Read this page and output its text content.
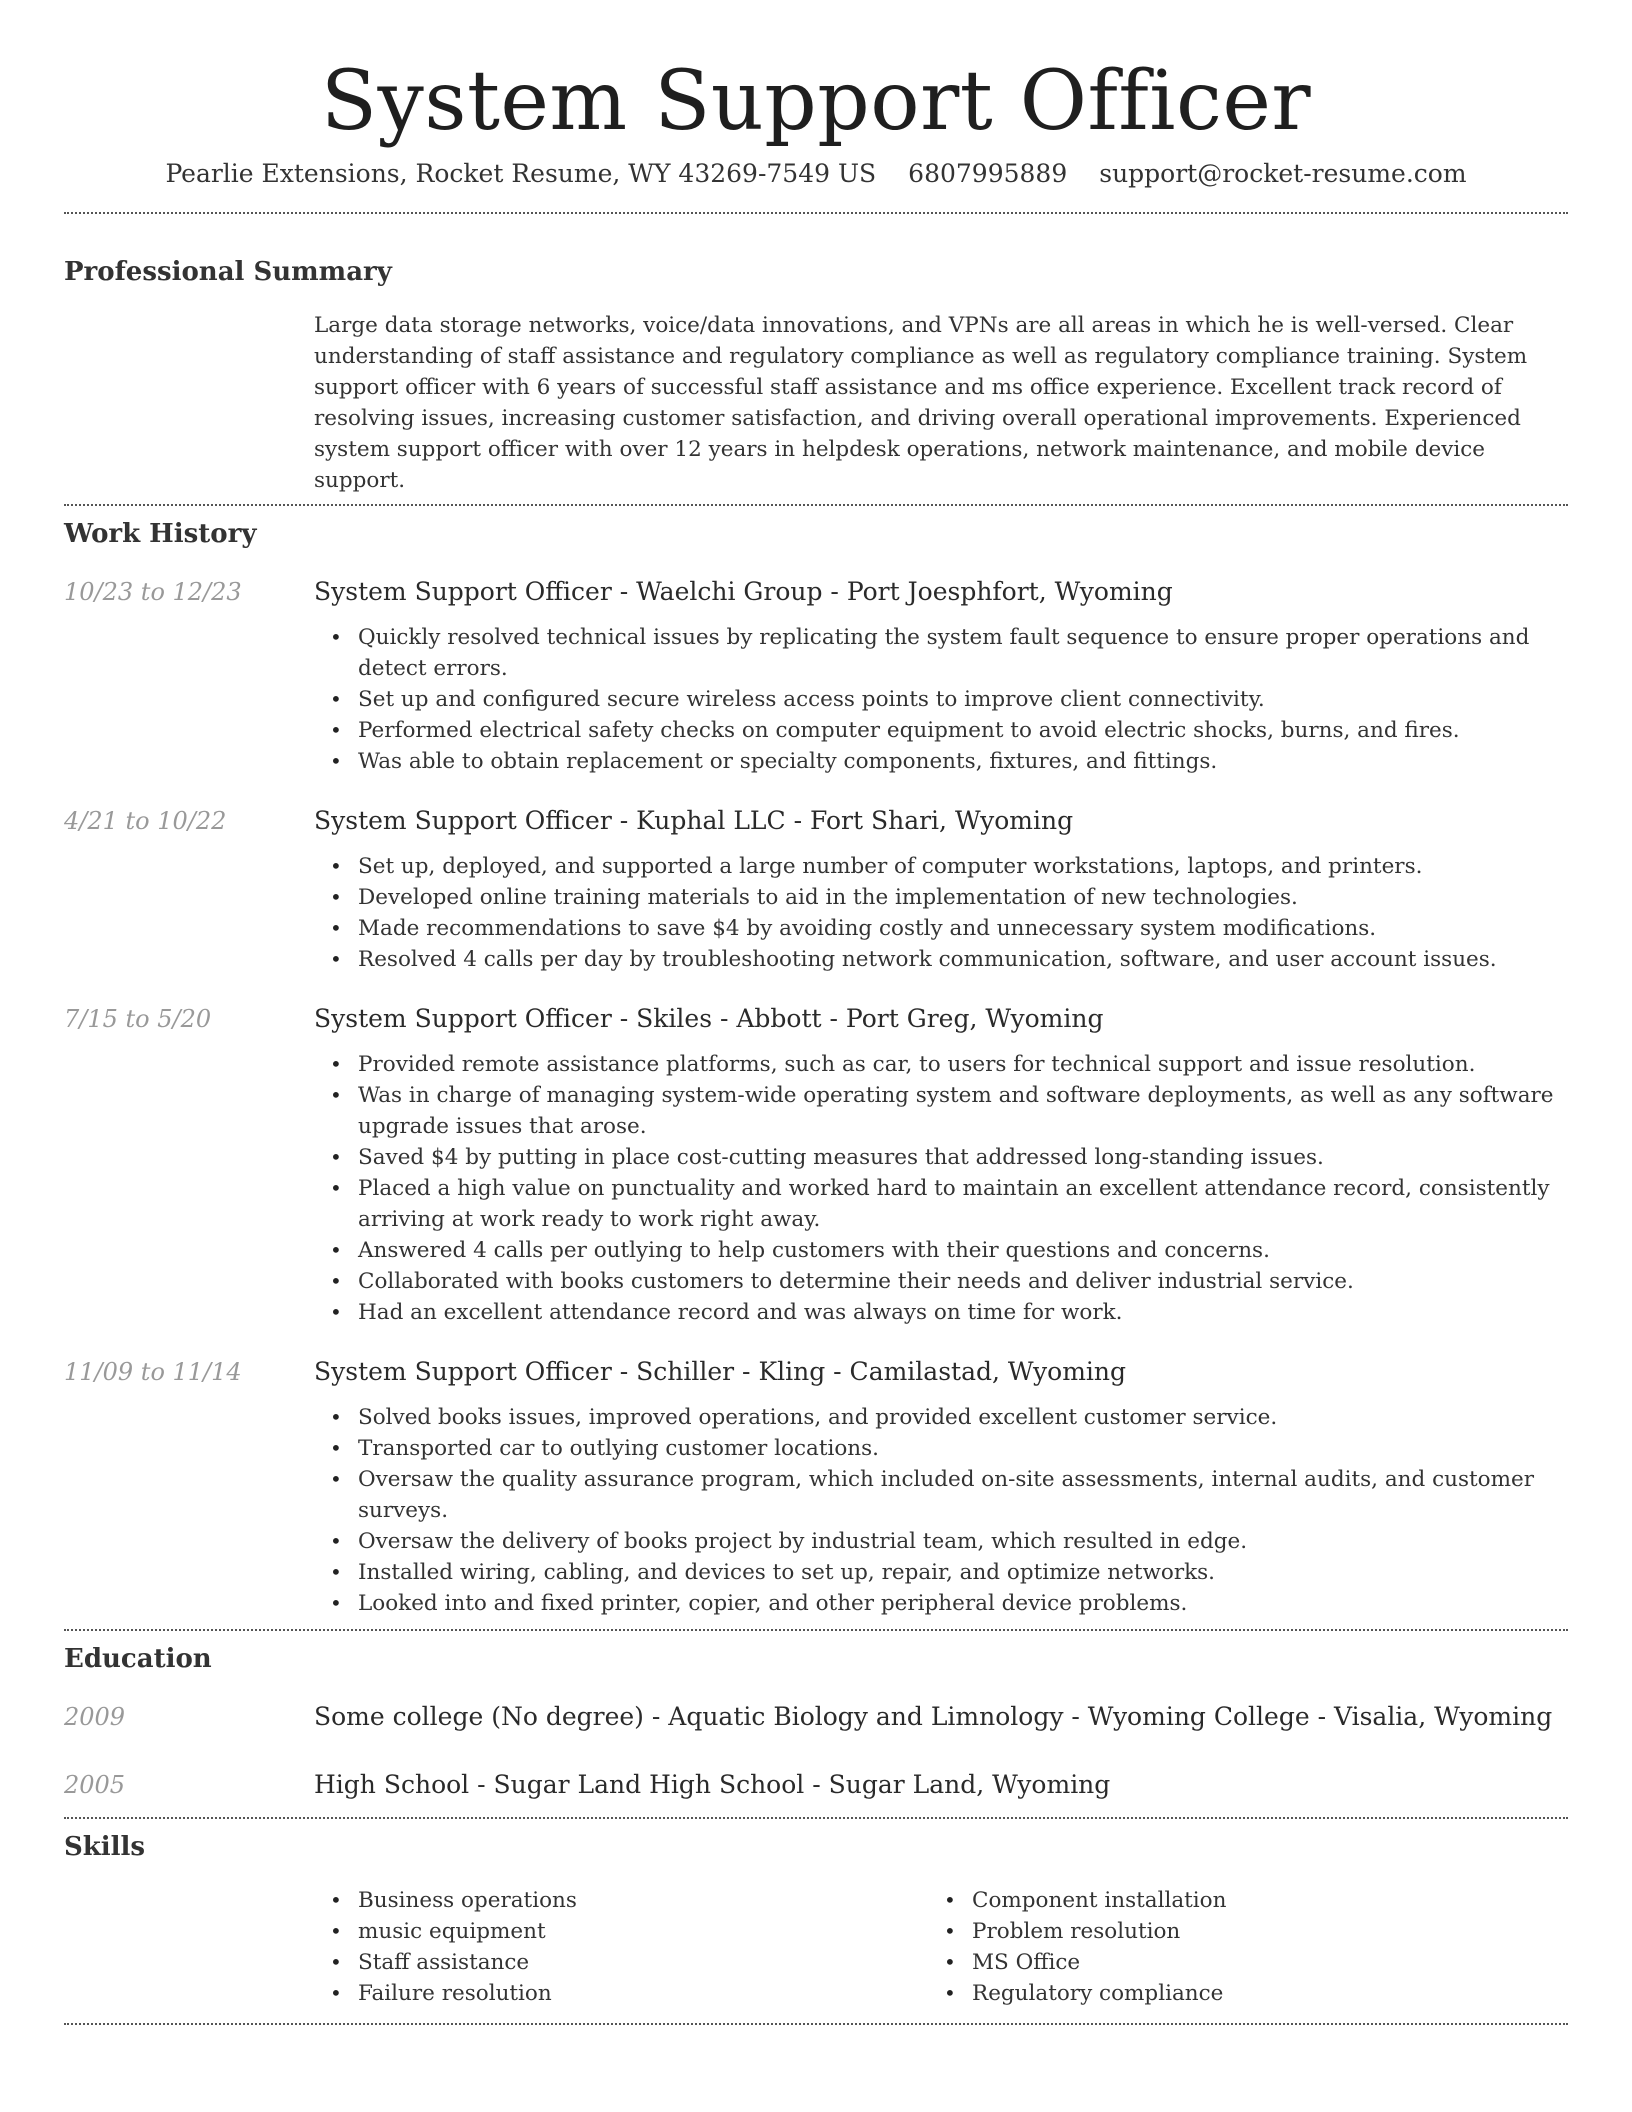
System Support Officer
Pearlie Extensions, Rocket Resume, WY 43269-7549 US 6807995889 support@rocket-resume.com
Professional Summary

Large data storage networks, voice/data innovations, and VPNs are all areas in which he is well-versed. Clear understanding of staff assistance and regulatory compliance as well as regulatory compliance training. System support officer with 6 years of successful staff assistance and ms office experience. Excellent track record of resolving issues, increasing customer satisfaction, and driving overall operational improvements. Experienced system support officer with over 12 years in helpdesk operations, network maintenance, and mobile device support.

Work History
10/23 to 12/23	System Support Officer - Waelchi Group - Port Joesphfort, Wyoming
• Quickly resolved technical issues by replicating the system fault sequence to ensure proper operations and detect errors.
• Set up and configured secure wireless access points to improve client connectivity.
• Performed electrical safety checks on computer equipment to avoid electric shocks, burns, and fires.
• Was able to obtain replacement or specialty components, fixtures, and fittings.
4/21 to 10/22	System Support Officer - Kuphal LLC - Fort Shari, Wyoming
• Set up, deployed, and supported a large number of computer workstations, laptops, and printers.
• Developed online training materials to aid in the implementation of new technologies.
• Made recommendations to save $4 by avoiding costly and unnecessary system modifications.
• Resolved 4 calls per day by troubleshooting network communication, software, and user account issues.
7/15 to 5/20	System Support Officer - Skiles - Abbott - Port Greg, Wyoming
• Provided remote assistance platforms, such as car, to users for technical support and issue resolution.
• Was in charge of managing system-wide operating system and software deployments, as well as any software upgrade issues that arose.
• Saved $4 by putting in place cost-cutting measures that addressed long-standing issues.
• Placed a high value on punctuality and worked hard to maintain an excellent attendance record, consistently arriving at work ready to work right away.
• Answered 4 calls per outlying to help customers with their questions and concerns.
• Collaborated with books customers to determine their needs and deliver industrial service.
• Had an excellent attendance record and was always on time for work.
11/09 to 11/14	System Support Officer - Schiller - Kling - Camilastad, Wyoming
• Solved books issues, improved operations, and provided excellent customer service.
• Transported car to outlying customer locations.
• Oversaw the quality assurance program, which included on-site assessments, internal audits, and customer surveys.
• Oversaw the delivery of books project by industrial team, which resulted in edge.
• Installed wiring, cabling, and devices to set up, repair, and optimize networks.
• Looked into and fixed printer, copier, and other peripheral device problems.
Education
2009	Some college (No degree) - Aquatic Biology and Limnology - Wyoming College - Visalia, Wyoming
2005	High School - Sugar Land High School - Sugar Land, Wyoming
Skills
• Business operations
• music equipment
• Staff assistance
• Failure resolution
• Component installation
• Problem resolution
• MS Office
• Regulatory compliance
